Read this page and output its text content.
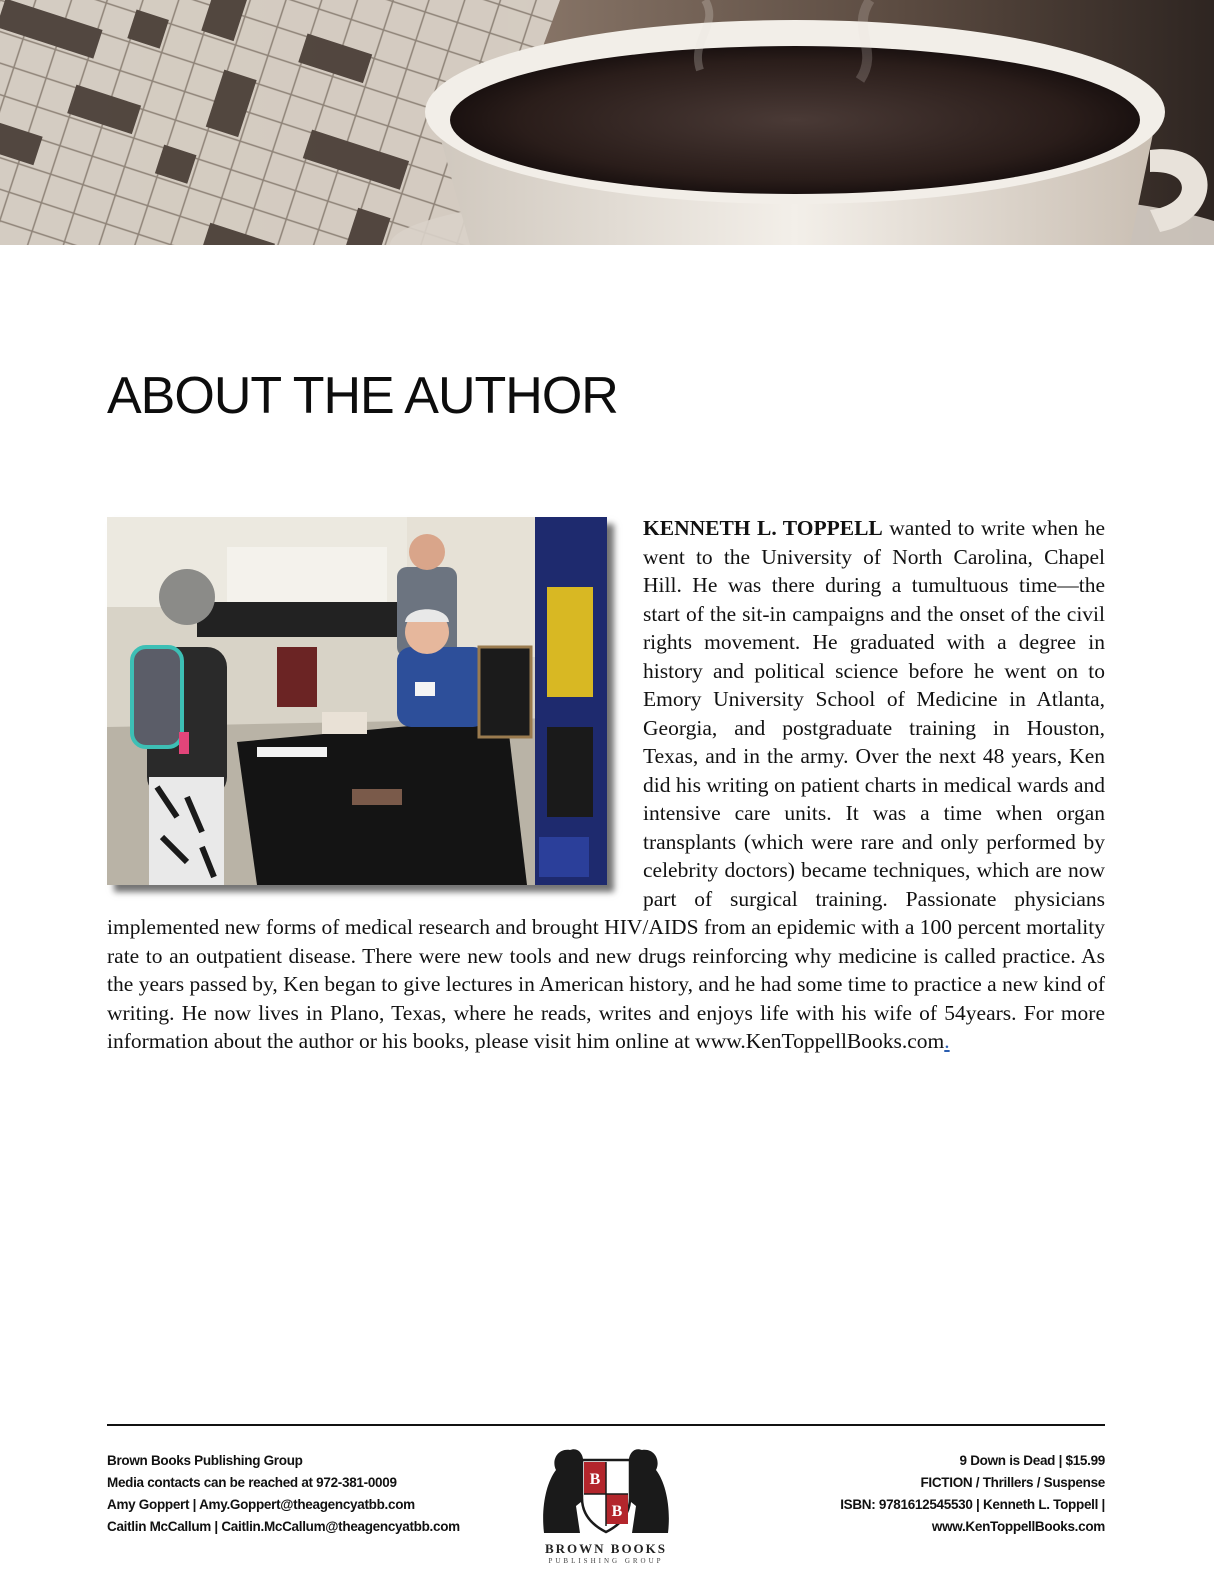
ABOUT THE AUTHOR
KENNETH L. TOPPELL wanted to write when he went to the University of North Carolina, Chapel Hill. He was there during a tumultuous time—the start of the sit-in campaigns and the onset of the civil rights movement. He graduated with a degree in history and political science before he went on to Emory University School of Medicine in Atlanta, Georgia, and postgraduate training in Houston, Texas, and in the army. Over the next 48 years, Ken did his writing on patient charts in medical wards and intensive care units. It was a time when organ transplants (which were rare and only performed by celebrity doctors) became techniques, which are now part of surgical training. Passionate physicians implemented new forms of medical research and brought HIV/AIDS from an epidemic with a 100 percent mortality rate to an outpatient disease. There were new tools and new drugs reinforcing why medicine is called practice. As the years passed by, Ken began to give lectures in American history, and he had some time to practice a new kind of writing. He now lives in Plano, Texas, where he reads, writes and enjoys life with his wife of 54years. For more information about the author or his books, please visit him online at www.KenToppellBooks.com.
Brown Books Publishing Group
Media contacts can be reached at 972-381-0009
Amy Goppert | Amy.Goppert@theagencyatbb.com
Caitlin McCallum | Caitlin.McCallum@theagencyatbb.com
B
B
BROWN BOOKS
PUBLISHING GROUP
9 Down is Dead | $15.99
FICTION / Thrillers / Suspense
ISBN: 9781612545530 | Kenneth L. Toppell |
www.KenToppellBooks.com
